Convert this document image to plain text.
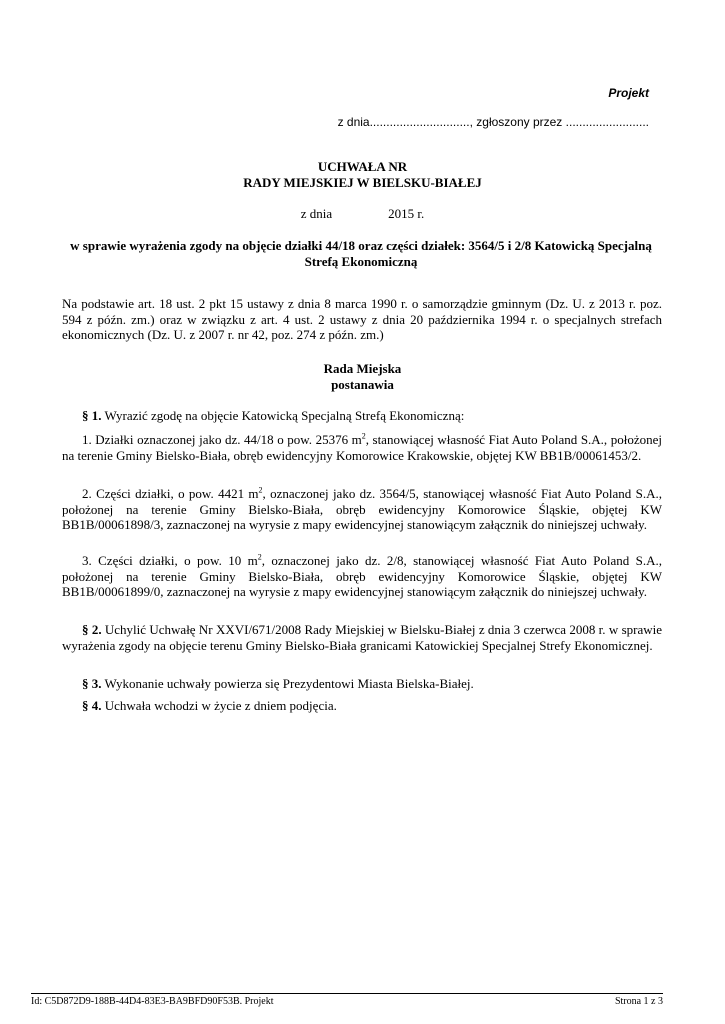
Projekt
z dnia.............................., zgłoszony przez .........................
UCHWAŁA NR
RADY MIEJSKIEJ W BIELSKU-BIAŁEJ
z dnia	2015 r.
w sprawie wyrażenia zgody na objęcie działki 44/18 oraz części działek: 3564/5 i 2/8 Katowicką Specjalną Strefą Ekonomiczną
Na podstawie art. 18 ust. 2 pkt 15 ustawy z dnia 8 marca 1990 r. o samorządzie gminnym (Dz. U. z 2013 r. poz. 594 z późn. zm.) oraz w związku z art. 4 ust. 2 ustawy z dnia 20 października 1994 r. o specjalnych strefach ekonomicznych (Dz. U. z 2007 r. nr 42, poz. 274 z późn. zm.)
Rada Miejska
postanawia
§ 1. Wyrazić zgodę na objęcie Katowicką Specjalną Strefą Ekonomiczną:
1. Działki oznaczonej jako dz. 44/18 o pow. 25376 $m^2$, stanowiącej własność Fiat Auto Poland S.A., położonej na terenie Gminy Bielsko-Biała, obręb ewidencyjny Komorowice Krakowskie, objętej KW BB1B/00061453/2.
2. Części działki, o pow. 4421 $m^2$, oznaczonej jako dz. 3564/5, stanowiącej własność Fiat Auto Poland S.A., położonej na terenie Gminy Bielsko-Biała, obręb ewidencyjny Komorowice Śląskie, objętej KW BB1B/00061898/3, zaznaczonej na wyrysie z mapy ewidencyjnej stanowiącym załącznik do niniejszej uchwały.
3. Części działki, o pow. 10 $m^2$, oznaczonej jako dz. 2/8, stanowiącej własność Fiat Auto Poland S.A., położonej na terenie Gminy Bielsko-Biała, obręb ewidencyjny Komorowice Śląskie, objętej KW BB1B/00061899/0, zaznaczonej na wyrysie z mapy ewidencyjnej stanowiącym załącznik do niniejszej uchwały.
§ 2. Uchylić Uchwałę Nr XXVI/671/2008 Rady Miejskiej w Bielsku-Białej z dnia 3 czerwca 2008 r. w sprawie wyrażenia zgody na objęcie terenu Gminy Bielsko-Biała granicami Katowickiej Specjalnej Strefy Ekonomicznej.
§ 3. Wykonanie uchwały powierza się Prezydentowi Miasta Bielska-Białej.
§ 4. Uchwała wchodzi w życie z dniem podjęcia.
Id: C5D872D9-188B-44D4-83E3-BA9BFD90F53B. Projekt	Strona 1 z 3
